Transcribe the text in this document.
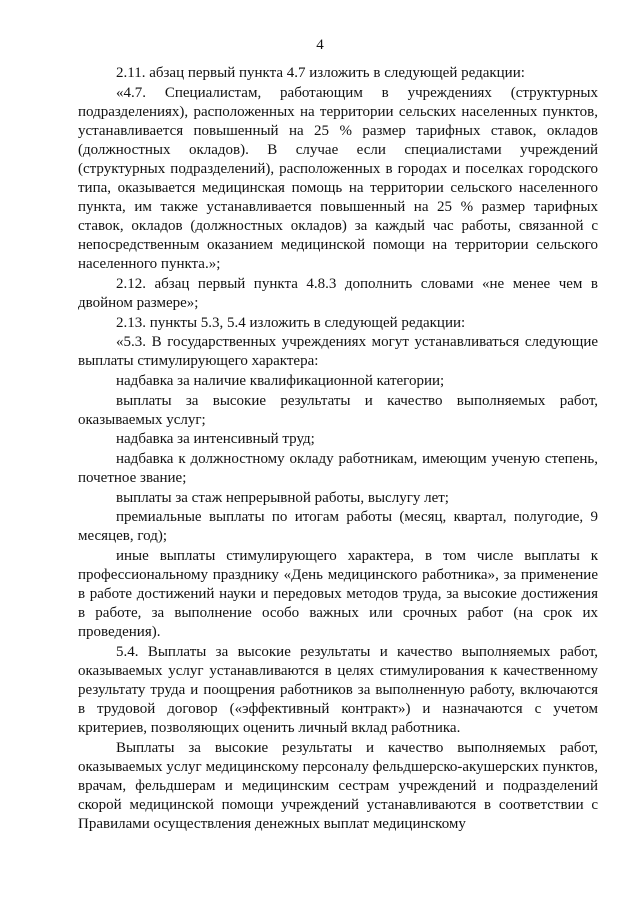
4

2.11. абзац первый пункта 4.7 изложить в следующей редакции:

«4.7. Специалистам, работающим в учреждениях (структурных подразделениях), расположенных на территории сельских населенных пунктов, устанавливается повышенный на 25 % размер тарифных ставок, окладов (должностных окладов). В случае если специалистами учреждений (структурных подразделений), расположенных в городах и поселках городского типа, оказывается медицинская помощь на территории сельского населенного пункта, им также устанавливается повышенный на 25 % размер тарифных ставок, окладов (должностных окладов) за каждый час работы, связанной с непосредственным оказанием медицинской помощи на территории сельского населенного пункта.»;

2.12. абзац первый пункта 4.8.3 дополнить словами «не менее чем в двойном размере»;

2.13. пункты 5.3, 5.4 изложить в следующей редакции:

«5.3. В государственных учреждениях могут устанавливаться следующие выплаты стимулирующего характера:

надбавка за наличие квалификационной категории;

выплаты за высокие результаты и качество выполняемых работ, оказываемых услуг;

надбавка за интенсивный труд;

надбавка к должностному окладу работникам, имеющим ученую степень, почетное звание;

выплаты за стаж непрерывной работы, выслугу лет;

премиальные выплаты по итогам работы (месяц, квартал, полугодие, 9 месяцев, год);

иные выплаты стимулирующего характера, в том числе выплаты к профессиональному празднику «День медицинского работника», за применение в работе достижений науки и передовых методов труда, за высокие достижения в работе, за выполнение особо важных или срочных работ (на срок их проведения).

5.4. Выплаты за высокие результаты и качество выполняемых работ, оказываемых услуг устанавливаются в целях стимулирования к качественному результату труда и поощрения работников за выполненную работу, включаются в трудовой договор («эффективный контракт») и назначаются с учетом критериев, позволяющих оценить личный вклад работника.

Выплаты за высокие результаты и качество выполняемых работ, оказываемых услуг медицинскому персоналу фельдшерско-акушерских пунктов, врачам, фельдшерам и медицинским сестрам учреждений и подразделений скорой медицинской помощи учреждений устанавливаются в соответствии с Правилами осуществления денежных выплат медицинскому
